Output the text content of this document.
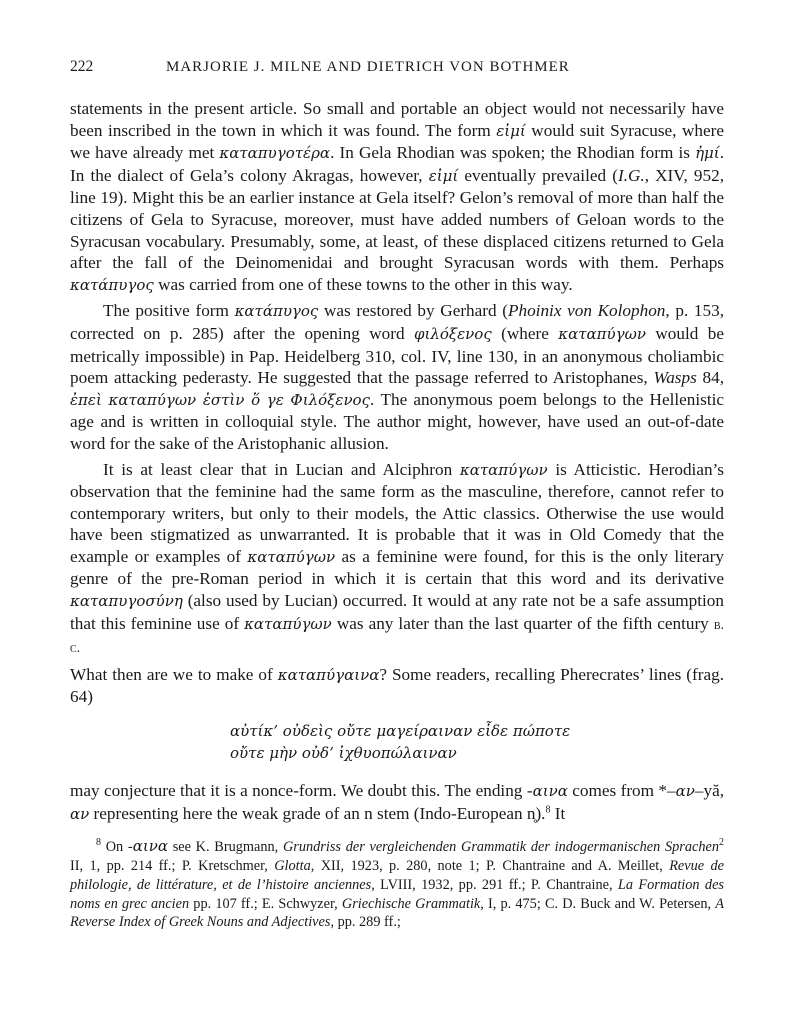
222	MARJORIE J. MILNE AND DIETRICH VON BOTHMER

statements in the present article. So small and portable an object would not necessarily have been inscribed in the town in which it was found. The form εἰμί would suit Syracuse, where we have already met καταπυγοτέρα. In Gela Rhodian was spoken; the Rhodian form is ἠμί. In the dialect of Gela’s colony Akragas, however, εἰμί eventually prevailed (I.G., XIV, 952, line 19). Might this be an earlier instance at Gela itself? Gelon’s removal of more than half the citizens of Gela to Syracuse, moreover, must have added numbers of Geloan words to the Syracusan vocabulary. Presumably, some, at least, of these displaced citizens returned to Gela after the fall of the Deinomenidai and brought Syracusan words with them. Perhaps κατάπυγος was carried from one of these towns to the other in this way.

The positive form κατάπυγος was restored by Gerhard (Phoinix von Kolophon, p. 153, corrected on p. 285) after the opening word φιλόξενος (where καταπύγων would be metrically impossible) in Pap. Heidelberg 310, col. IV, line 130, in an anonymous choliambic poem attacking pederasty. He suggested that the passage referred to Aristophanes, Wasps 84, ἐπεὶ καταπύγων ἐστὶν ὅ γε Φιλόξενος. The anonymous poem belongs to the Hellenistic age and is written in colloquial style. The author might, however, have used an out-of-date word for the sake of the Aristophanic allusion.

It is at least clear that in Lucian and Alciphron καταπύγων is Atticistic. Herodian’s observation that the feminine had the same form as the masculine, therefore, cannot refer to contemporary writers, but only to their models, the Attic classics. Otherwise the use would have been stigmatized as unwarranted. It is probable that it was in Old Comedy that the example or examples of καταπύγων as a feminine were found, for this is the only literary genre of the pre-Roman period in which it is certain that this word and its derivative καταπυγοσύνη (also used by Lucian) occurred. It would at any rate not be a safe assumption that this feminine use of καταπύγων was any later than the last quarter of the fifth century b. c.

What then are we to make of καταπύγαινα? Some readers, recalling Pherecrates’ lines (frag. 64)

αὐτίκ’ οὐδεὶς οὔτε μαγείραιναν εἶδε πώποτε
οὔτε μὴν οὐδ’ ἰχθυοπώλαιναν

may conjecture that it is a nonce-form. We doubt this. The ending -αινα comes from *–αν–yă, αν representing here the weak grade of an n stem (Indo-European n̥).$^8$ It

$^8$ On -αινα see K. Brugmann, Grundriss der vergleichenden Grammatik der indogermanischen Sprachen$^2$ II, 1, pp. 214 ff.; P. Kretschmer, Glotta, XII, 1923, p. 280, note 1; P. Chantraine and A. Meillet, Revue de philologie, de littérature, et de l’histoire anciennes, LVIII, 1932, pp. 291 ff.; P. Chantraine, La Formation des noms en grec ancien pp. 107 ff.; E. Schwyzer, Griechische Grammatik, I, p. 475; C. D. Buck and W. Petersen, A Reverse Index of Greek Nouns and Adjectives, pp. 289 ff.;
